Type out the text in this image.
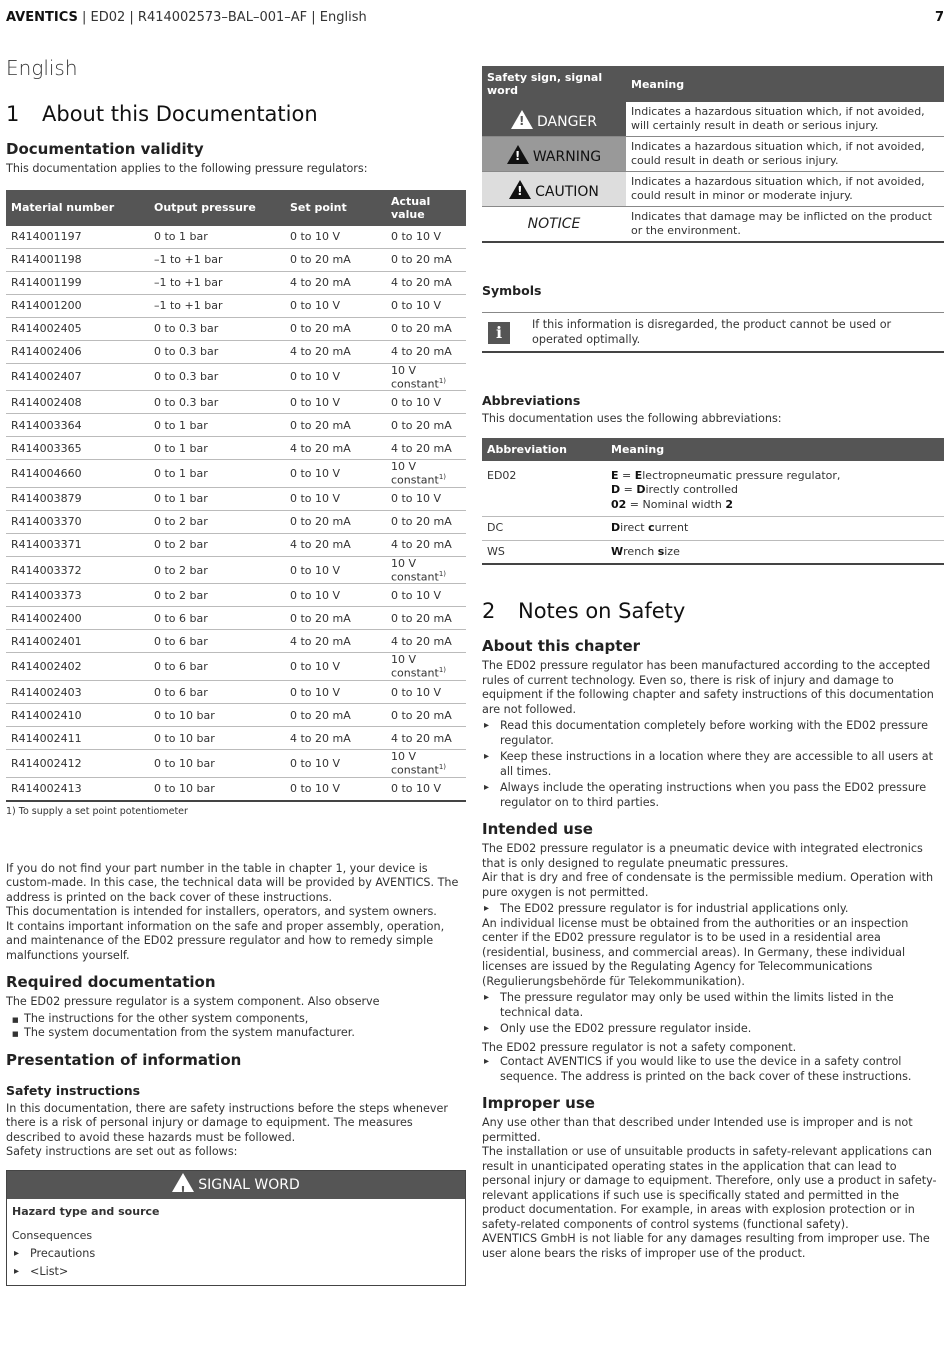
AVENTICS | ED02 | R414002573–BAL–001–AF | English	7
English
1 About this Documentation
Documentation validity

This documentation applies to the following pressure regulators:

Material number	Output pressure	Set point	Actual value
R414001197	0 to 1 bar	0 to 10 V	0 to 10 V
R414001198	–1 to +1 bar	0 to 20 mA	0 to 20 mA
R414001199	–1 to +1 bar	4 to 20 mA	4 to 20 mA
R414001200	–1 to +1 bar	0 to 10 V	0 to 10 V
R414002405	0 to 0.3 bar	0 to 20 mA	0 to 20 mA
R414002406	0 to 0.3 bar	4 to 20 mA	4 to 20 mA
R414002407	0 to 0.3 bar	0 to 10 V	10 V constant$^{1)}$
R414002408	0 to 0.3 bar	0 to 10 V	0 to 10 V
R414003364	0 to 1 bar	0 to 20 mA	0 to 20 mA
R414003365	0 to 1 bar	4 to 20 mA	4 to 20 mA
R414004660	0 to 1 bar	0 to 10 V	10 V constant$^{1)}$
R414003879	0 to 1 bar	0 to 10 V	0 to 10 V
R414003370	0 to 2 bar	0 to 20 mA	0 to 20 mA
R414003371	0 to 2 bar	4 to 20 mA	4 to 20 mA
R414003372	0 to 2 bar	0 to 10 V	10 V constant$^{1)}$
R414003373	0 to 2 bar	0 to 10 V	0 to 10 V
R414002400	0 to 6 bar	0 to 20 mA	0 to 20 mA
R414002401	0 to 6 bar	4 to 20 mA	4 to 20 mA
R414002402	0 to 6 bar	0 to 10 V	10 V constant$^{1)}$
R414002403	0 to 6 bar	0 to 10 V	0 to 10 V
R414002410	0 to 10 bar	0 to 20 mA	0 to 20 mA
R414002411	0 to 10 bar	4 to 20 mA	4 to 20 mA
R414002412	0 to 10 bar	0 to 10 V	10 V constant$^{1)}$
R414002413	0 to 10 bar	0 to 10 V	0 to 10 V
1) To supply a set point potentiometer

If you do not find your part number in the table in chapter 1, your device is custom-made. In this case, the technical data will be provided by AVENTICS. The address is printed on the back cover of these instructions.

This documentation is intended for installers, operators, and system owners.

It contains important information on the safe and proper assembly, operation, and maintenance of the ED02 pressure regulator and how to remedy simple malfunctions yourself.

Required documentation

The ED02 pressure regulator is a system component. Also observe

■ The instructions for the other system components,
■ The system documentation from the system manufacturer.
Presentation of information
Safety instructions

In this documentation, there are safety instructions before the steps whenever there is a risk of personal injury or damage to equipment. The measures described to avoid these hazards must be followed.

Safety instructions are set out as follows:

!SIGNAL WORD
Hazard type and source
Consequences
▸ Precautions
▸ <List>
Safety sign, signal word	Meaning
!DANGER	Indicates a hazardous situation which, if not avoided, will certainly result in death or serious injury.
!WARNING	Indicates a hazardous situation which, if not avoided, could result in death or serious injury.
!CAUTION	Indicates a hazardous situation which, if not avoided, could result in minor or moderate injury.
NOTICE	Indicates that damage may be inflicted on the product or the environment.
Symbols
i	If this information is disregarded, the product cannot be used or operated optimally.
Abbreviations

This documentation uses the following abbreviations:

Abbreviation	Meaning
ED02	E = Electropneumatic pressure regulator,
D = Directly controlled
02 = Nominal width 2

DC	Direct current
WS	Wrench size
2 Notes on Safety
About this chapter

The ED02 pressure regulator has been manufactured according to the accepted rules of current technology. Even so, there is risk of injury and damage to equipment if the following chapter and safety instructions of this documentation are not followed.

▸ Read this documentation completely before working with the ED02 pressure regulator.
▸ Keep these instructions in a location where they are accessible to all users at all times.
▸ Always include the operating instructions when you pass the ED02 pressure regulator on to third parties.
Intended use

The ED02 pressure regulator is a pneumatic device with integrated electronics that is only designed to regulate pneumatic pressures.

Air that is dry and free of condensate is the permissible medium. Operation with pure oxygen is not permitted.

▸ The ED02 pressure regulator is for industrial applications only.

An individual license must be obtained from the authorities or an inspection center if the ED02 pressure regulator is to be used in a residential area (residential, business, and commercial areas). In Germany, these individual licenses are issued by the Regulating Agency for Telecommunications (Regulierungsbehörde für Telekommunikation).

▸ The pressure regulator may only be used within the limits listed in the technical data.
▸ Only use the ED02 pressure regulator inside.

The ED02 pressure regulator is not a safety component.

▸ Contact AVENTICS if you would like to use the device in a safety control sequence. The address is printed on the back cover of these instructions.
Improper use

Any use other than that described under Intended use is improper and is not permitted.

The installation or use of unsuitable products in safety-relevant applications can result in unanticipated operating states in the application that can lead to personal injury or damage to equipment. Therefore, only use a product in safety-relevant applications if such use is specifically stated and permitted in the product documentation. For example, in areas with explosion protection or in safety-related components of control systems (functional safety).

AVENTICS GmbH is not liable for any damages resulting from improper use. The user alone bears the risks of improper use of the product.
